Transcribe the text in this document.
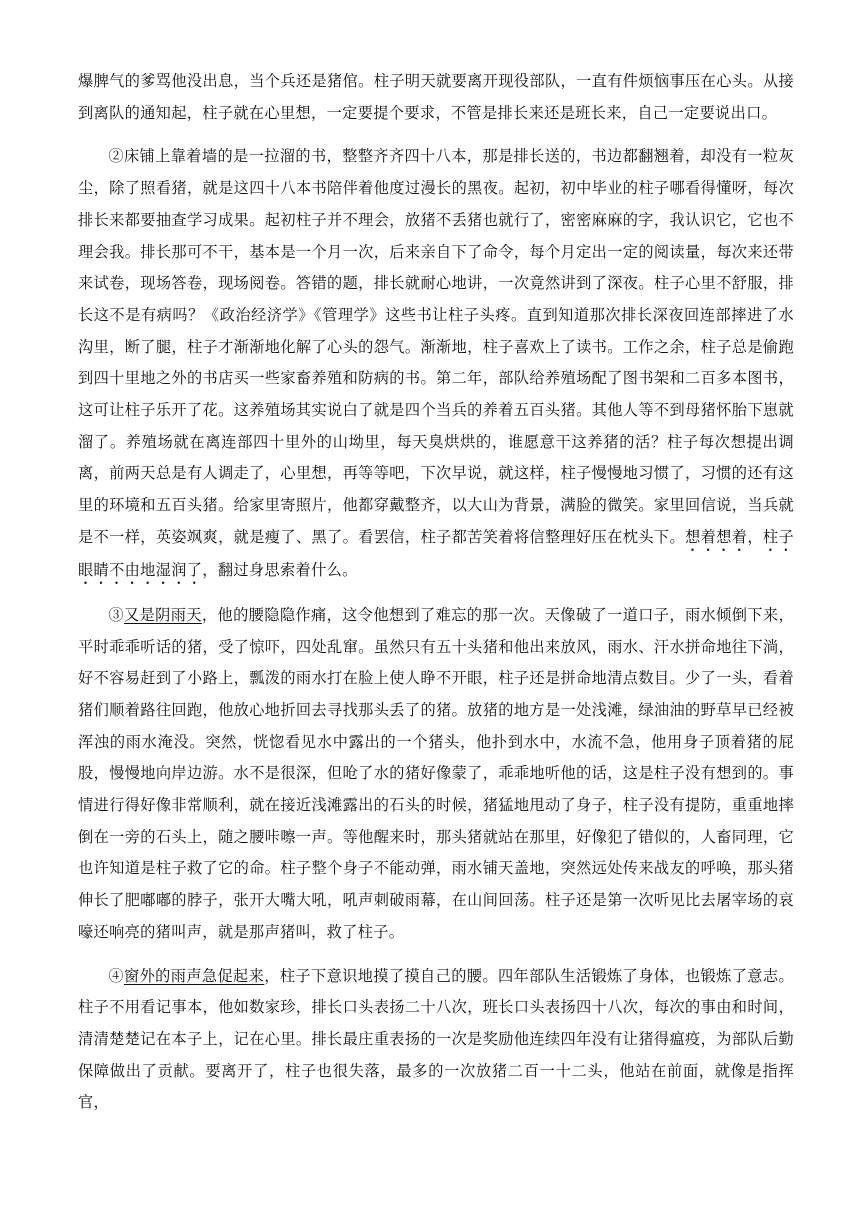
爆脾气的爹骂他没出息，当个兵还是猪倌。柱子明天就要离开现役部队，一直有件烦恼事压在心头。从接到离队的通知起，柱子就在心里想，一定要提个要求，不管是排长来还是班长来，自己一定要说出口。

②床铺上靠着墙的是一拉溜的书，整整齐齐四十八本，那是排长送的，书边都翻翘着，却没有一粒灰尘，除了照看猪，就是这四十八本书陪伴着他度过漫长的黑夜。起初，初中毕业的柱子哪看得懂呀，每次排长来都要抽查学习成果。起初柱子并不理会，放猪不丢猪也就行了，密密麻麻的字，我认识它，它也不理会我。排长那可不干，基本是一个月一次，后来亲自下了命令，每个月定出一定的阅读量，每次来还带来试卷，现场答卷，现场阅卷。答错的题，排长就耐心地讲，一次竟然讲到了深夜。柱子心里不舒服，排长这不是有病吗？《政治经济学》《管理学》这些书让柱子头疼。直到知道那次排长深夜回连部摔进了水沟里，断了腿，柱子才渐渐地化解了心头的怨气。渐渐地，柱子喜欢上了读书。工作之余，柱子总是偷跑到四十里地之外的书店买一些家畜养殖和防病的书。第二年，部队给养殖场配了图书架和二百多本图书，这可让柱子乐开了花。这养殖场其实说白了就是四个当兵的养着五百头猪。其他人等不到母猪怀胎下崽就溜了。养殖场就在离连部四十里外的山坳里，每天臭烘烘的，谁愿意干这养猪的活？柱子每次想提出调离，前两天总是有人调走了，心里想，再等等吧，下次早说，就这样，柱子慢慢地习惯了，习惯的还有这里的环境和五百头猪。给家里寄照片，他都穿戴整齐，以大山为背景，满脸的微笑。家里回信说，当兵就是不一样，英姿飒爽，就是瘦了、黑了。看罢信，柱子都苦笑着将信整理好压在枕头下。想着想着，柱子眼睛不由地湿润了，翻过身思索着什么。

③又是阴雨天，他的腰隐隐作痛，这令他想到了难忘的那一次。天像破了一道口子，雨水倾倒下来，平时乖乖听话的猪，受了惊吓，四处乱窜。虽然只有五十头猪和他出来放风，雨水、汗水拼命地往下淌，好不容易赶到了小路上，瓢泼的雨水打在脸上使人睁不开眼，柱子还是拼命地清点数目。少了一头，看着猪们顺着路往回跑，他放心地折回去寻找那头丢了的猪。放猪的地方是一处浅滩，绿油油的野草早已经被浑浊的雨水淹没。突然，恍惚看见水中露出的一个猪头，他扑到水中，水流不急，他用身子顶着猪的屁股，慢慢地向岸边游。水不是很深，但呛了水的猪好像蒙了，乖乖地听他的话，这是柱子没有想到的。事情进行得好像非常顺利，就在接近浅滩露出的石头的时候，猪猛地甩动了身子，柱子没有提防，重重地摔倒在一旁的石头上，随之腰咔嚓一声。等他醒来时，那头猪就站在那里，好像犯了错似的，人畜同理，它也许知道是柱子救了它的命。柱子整个身子不能动弹，雨水铺天盖地，突然远处传来战友的呼唤，那头猪伸长了肥嘟嘟的脖子，张开大嘴大吼，吼声刺破雨幕，在山间回荡。柱子还是第一次听见比去屠宰场的哀嚎还响亮的猪叫声，就是那声猪叫，救了柱子。

④窗外的雨声急促起来，柱子下意识地摸了摸自己的腰。四年部队生活锻炼了身体，也锻炼了意志。柱子不用看记事本，他如数家珍，排长口头表扬二十八次，班长口头表扬四十八次，每次的事由和时间，清清楚楚记在本子上，记在心里。排长最庄重表扬的一次是奖励他连续四年没有让猪得瘟疫，为部队后勤保障做出了贡献。要离开了，柱子也很失落，最多的一次放猪二百一十二头，他站在前面，就像是指挥官，
